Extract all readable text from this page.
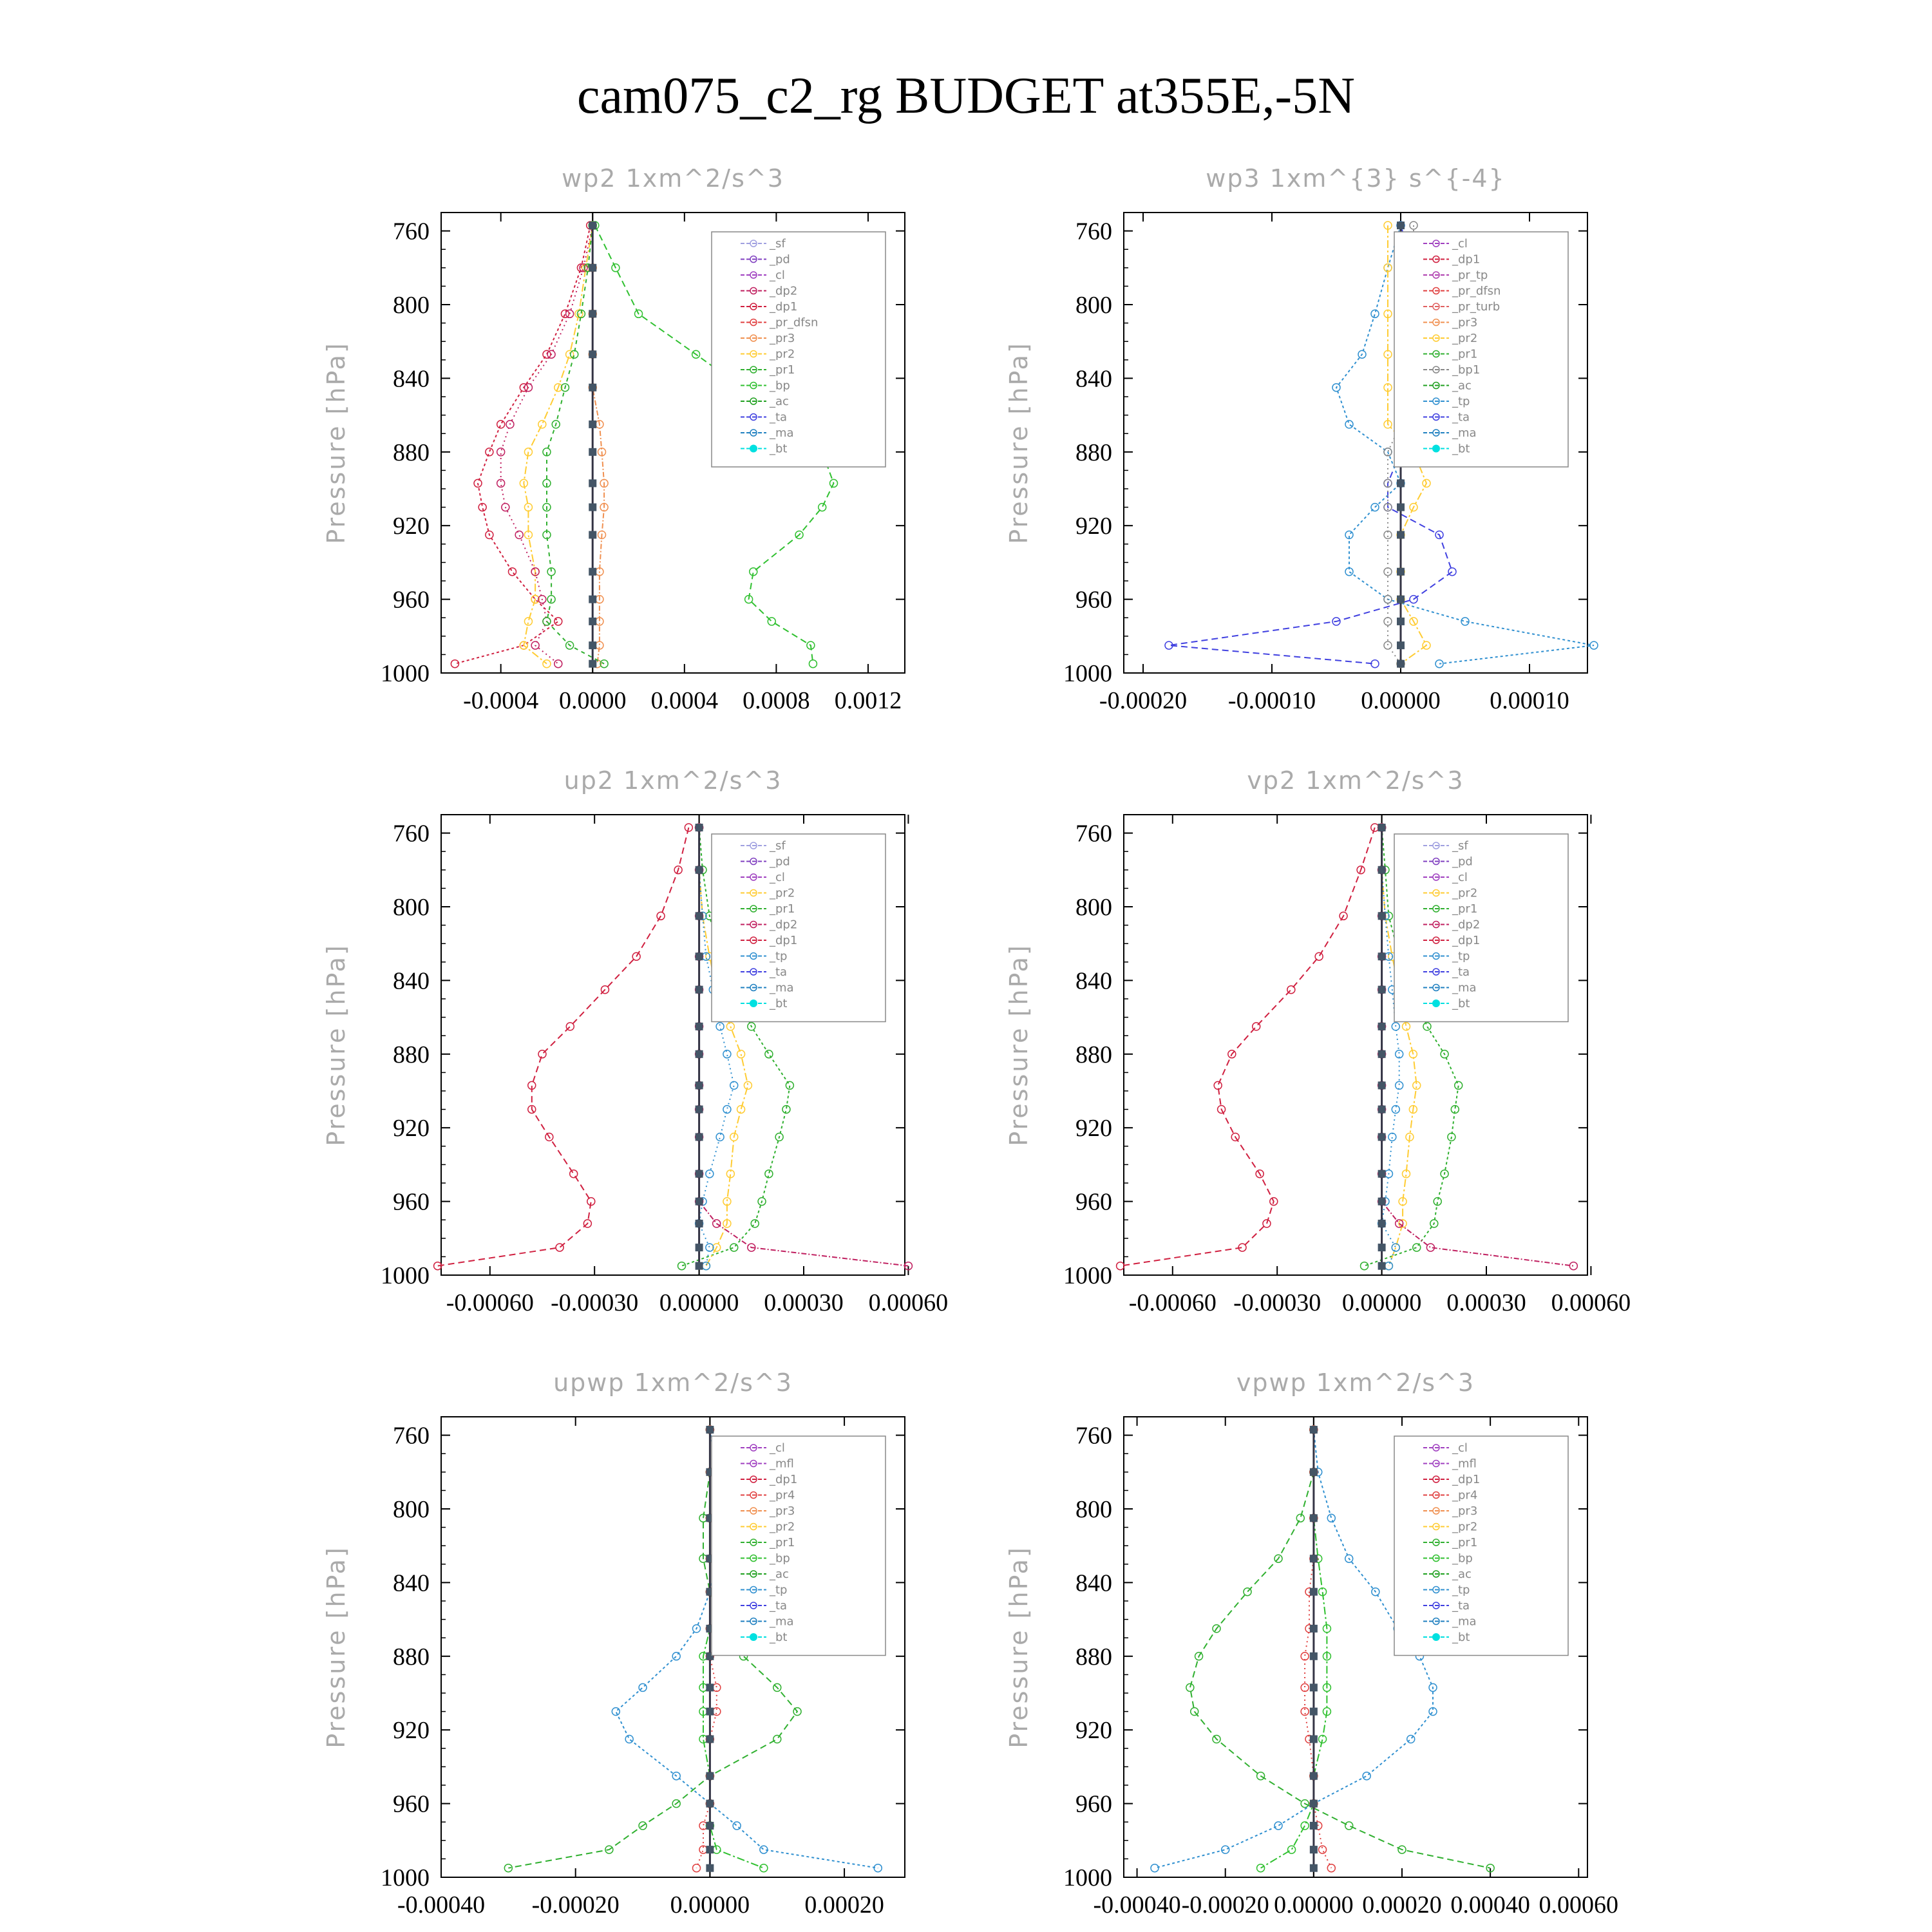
cam075_c2_rg BUDGET at355E,-5N
wp2 1xm^2/s^3
Pressure [hPa]
760
800
840
880
920
960
1000
-0.0004 0.0000 0.0004 0.0008 0.0012
_sf
_pd
_cl
_dp2
_dp1
_pr_dfsn
_pr3
_pr2
_pr1
_bp
_ac
_ta
_ma
_bt
wp3 1xm^{3} s^{-4}
Pressure [hPa]
760
800
840
880
920
960
1000
-0.00020 -0.00010 0.00000 0.00010
_cl
_dp1
_pr_tp
_pr_dfsn
_pr_turb
_pr3
_pr2
_pr1
_bp1
_ac
_tp
_ta
_ma
_bt
up2 1xm^2/s^3
Pressure [hPa]
760
800
840
880
920
960
1000
-0.00060 -0.00030 0.00000 0.00030 0.00060
_sf
_pd
_cl
_pr2
_pr1
_dp2
_dp1
_tp
_ta
_ma
_bt
vp2 1xm^2/s^3
Pressure [hPa]
760
800
840
880
920
960
1000
-0.00060 -0.00030 0.00000 0.00030 0.00060
_sf
_pd
_cl
_pr2
_pr1
_dp2
_dp1
_tp
_ta
_ma
_bt
upwp 1xm^2/s^3
Pressure [hPa]
760
800
840
880
920
960
1000
-0.00040 -0.00020 0.00000 0.00020
_cl
_mfl
_dp1
_pr4
_pr3
_pr2
_pr1
_bp
_ac
_tp
_ta
_ma
_bt
vpwp 1xm^2/s^3
Pressure [hPa]
760
800
840
880
920
960
1000
-0.00040 -0.00020 0.00000 0.00020 0.00040 0.00060
_cl
_mfl
_dp1
_pr4
_pr3
_pr2
_pr1
_bp
_ac
_tp
_ta
_ma
_bt
